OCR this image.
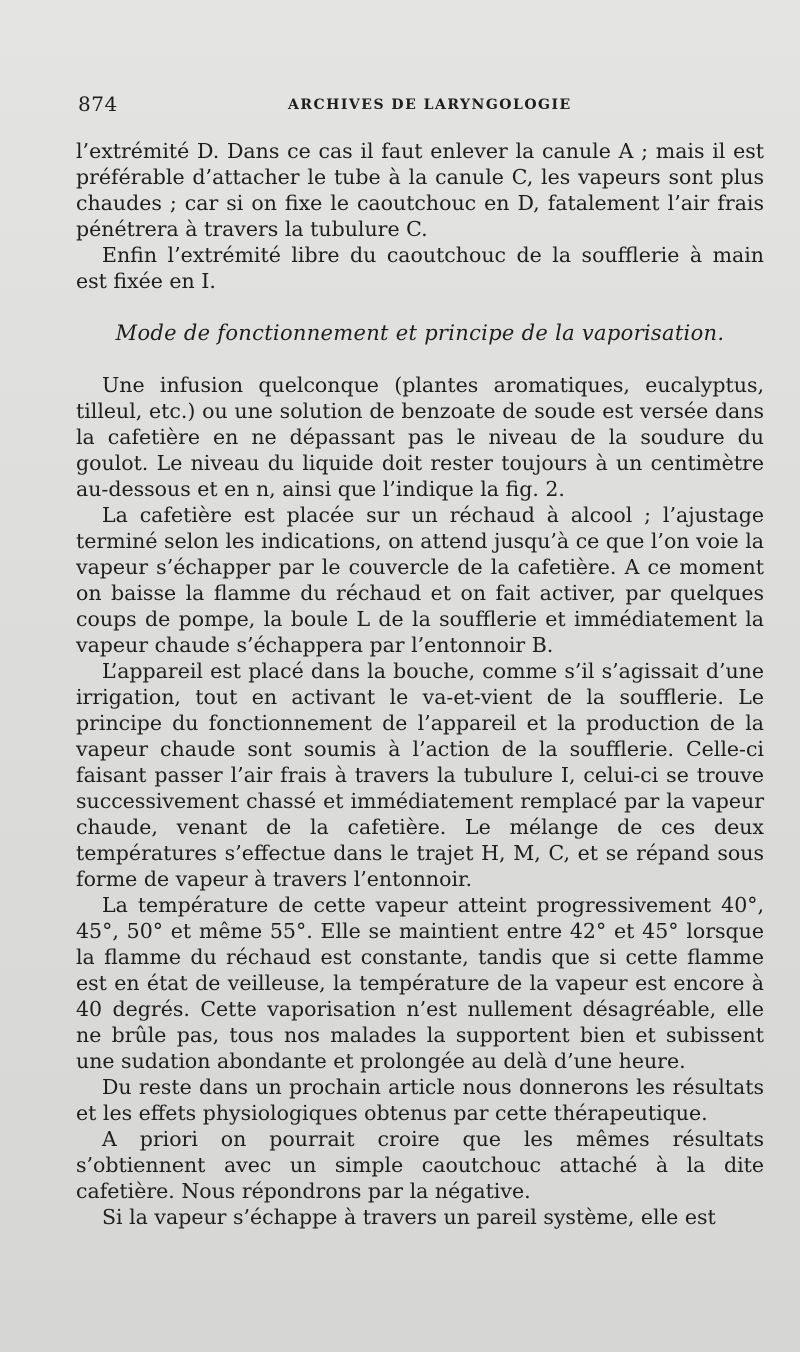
874	ARCHIVES DE LARYNGOLOGIE

l’extrémité D. Dans ce cas il faut enlever la canule A ; mais il est préférable d’attacher le tube à la canule C, les vapeurs sont plus chaudes ; car si on fixe le caoutchouc en D, fatalement l’air frais pénétrera à travers la tubulure C.

Enfin l’extrémité libre du caoutchouc de la soufflerie à main est fixée en I.

Mode de fonctionnement et principe de la vaporisation.

Une infusion quelconque (plantes aromatiques, eucalyptus, tilleul, etc.) ou une solution de benzoate de soude est versée dans la cafetière en ne dépassant pas le niveau de la soudure du goulot. Le niveau du liquide doit rester toujours à un centimètre au-dessous et en n, ainsi que l’indique la fig. 2.

La cafetière est placée sur un réchaud à alcool ; l’ajustage terminé selon les indications, on attend jusqu’à ce que l’on voie la vapeur s’échapper par le couvercle de la cafetière. A ce moment on baisse la flamme du réchaud et on fait activer, par quelques coups de pompe, la boule L de la soufflerie et immédiatement la vapeur chaude s’échappera par l’entonnoir B.

L’appareil est placé dans la bouche, comme s’il s’agissait d’une irrigation, tout en activant le va-et-vient de la soufflerie. Le principe du fonctionnement de l’appareil et la production de la vapeur chaude sont soumis à l’action de la soufflerie. Celle-ci faisant passer l’air frais à travers la tubulure I, celui-ci se trouve successivement chassé et immédiatement remplacé par la vapeur chaude, venant de la cafetière. Le mélange de ces deux températures s’effectue dans le trajet H, M, C, et se répand sous forme de vapeur à travers l’entonnoir.

La température de cette vapeur atteint progressivement 40°, 45°, 50° et même 55°. Elle se maintient entre 42° et 45° lorsque la flamme du réchaud est constante, tandis que si cette flamme est en état de veilleuse, la température de la vapeur est encore à 40 degrés. Cette vaporisation n’est nullement désagréable, elle ne brûle pas, tous nos malades la supportent bien et subissent une sudation abondante et prolongée au delà d’une heure.

Du reste dans un prochain article nous donnerons les résultats et les effets physiologiques obtenus par cette thérapeutique.

A priori on pourrait croire que les mêmes résultats s’obtiennent avec un simple caoutchouc attaché à la dite cafetière. Nous répondrons par la négative.

Si la vapeur s’échappe à travers un pareil système, elle est
